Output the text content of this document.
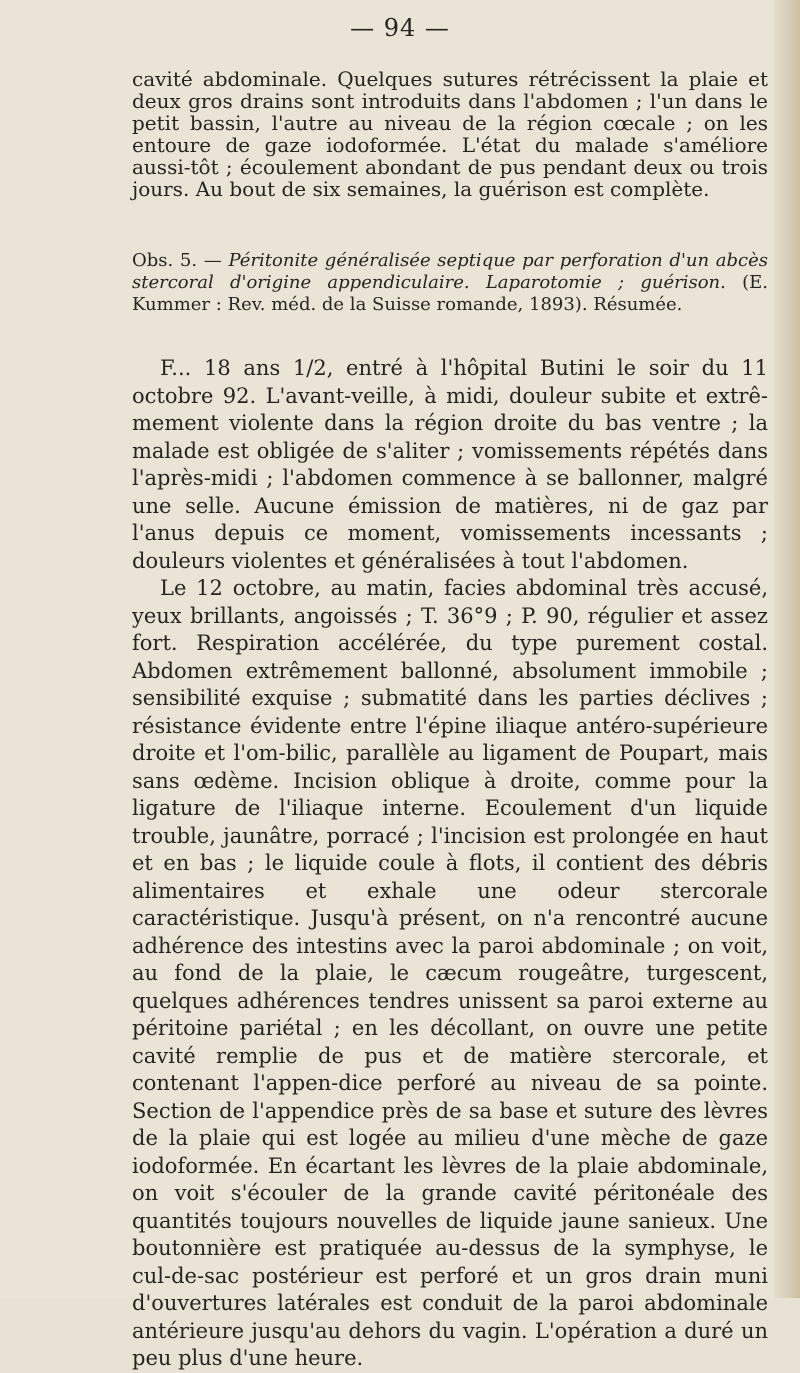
— 94 —

cavité abdominale. Quelques sutures rétrécissent la plaie et deux gros drains sont introduits dans l'abdomen ; l'un dans le petit bassin, l'autre au niveau de la région cœcale ; on les entoure de gaze iodoformée. L'état du malade s'améliore aussi-tôt ; écoulement abondant de pus pendant deux ou trois jours. Au bout de six semaines, la guérison est complète.

Obs. 5. — Péritonite généralisée septique par perforation d'un abcès stercoral d'origine appendiculaire. Laparotomie ; guérison. (E. Kummer : Rev. méd. de la Suisse romande, 1893). Résumée.

F... 18 ans 1/2, entré à l'hôpital Butini le soir du 11 octobre 92. L'avant-veille, à midi, douleur subite et extrê-mement violente dans la région droite du bas ventre ; la malade est obligée de s'aliter ; vomissements répétés dans l'après-midi ; l'abdomen commence à se ballonner, malgré une selle. Aucune émission de matières, ni de gaz par l'anus depuis ce moment, vomissements incessants ; douleurs violentes et généralisées à tout l'abdomen.

Le 12 octobre, au matin, facies abdominal très accusé, yeux brillants, angoissés ; T. 36°9 ; P. 90, régulier et assez fort. Respiration accélérée, du type purement costal. Abdomen extrêmement ballonné, absolument immobile ; sensibilité exquise ; submatité dans les parties déclives ; résistance évidente entre l'épine iliaque antéro-supérieure droite et l'om-bilic, parallèle au ligament de Poupart, mais sans œdème. Incision oblique à droite, comme pour la ligature de l'iliaque interne. Ecoulement d'un liquide trouble, jaunâtre, porracé ; l'incision est prolongée en haut et en bas ; le liquide coule à flots, il contient des débris alimentaires et exhale une odeur stercorale caractéristique. Jusqu'à présent, on n'a rencontré aucune adhérence des intestins avec la paroi abdominale ; on voit, au fond de la plaie, le cæcum rougeâtre, turgescent, quelques adhérences tendres unissent sa paroi externe au péritoine pariétal ; en les décollant, on ouvre une petite cavité remplie de pus et de matière stercorale, et contenant l'appen-dice perforé au niveau de sa pointe. Section de l'appendice près de sa base et suture des lèvres de la plaie qui est logée au milieu d'une mèche de gaze iodoformée. En écartant les lèvres de la plaie abdominale, on voit s'écouler de la grande cavité péritonéale des quantités toujours nouvelles de liquide jaune sanieux. Une boutonnière est pratiquée au-dessus de la symphyse, le cul-de-sac postérieur est perforé et un gros drain muni d'ouvertures latérales est conduit de la paroi abdominale antérieure jusqu'au dehors du vagin. L'opération a duré un peu plus d'une heure.
